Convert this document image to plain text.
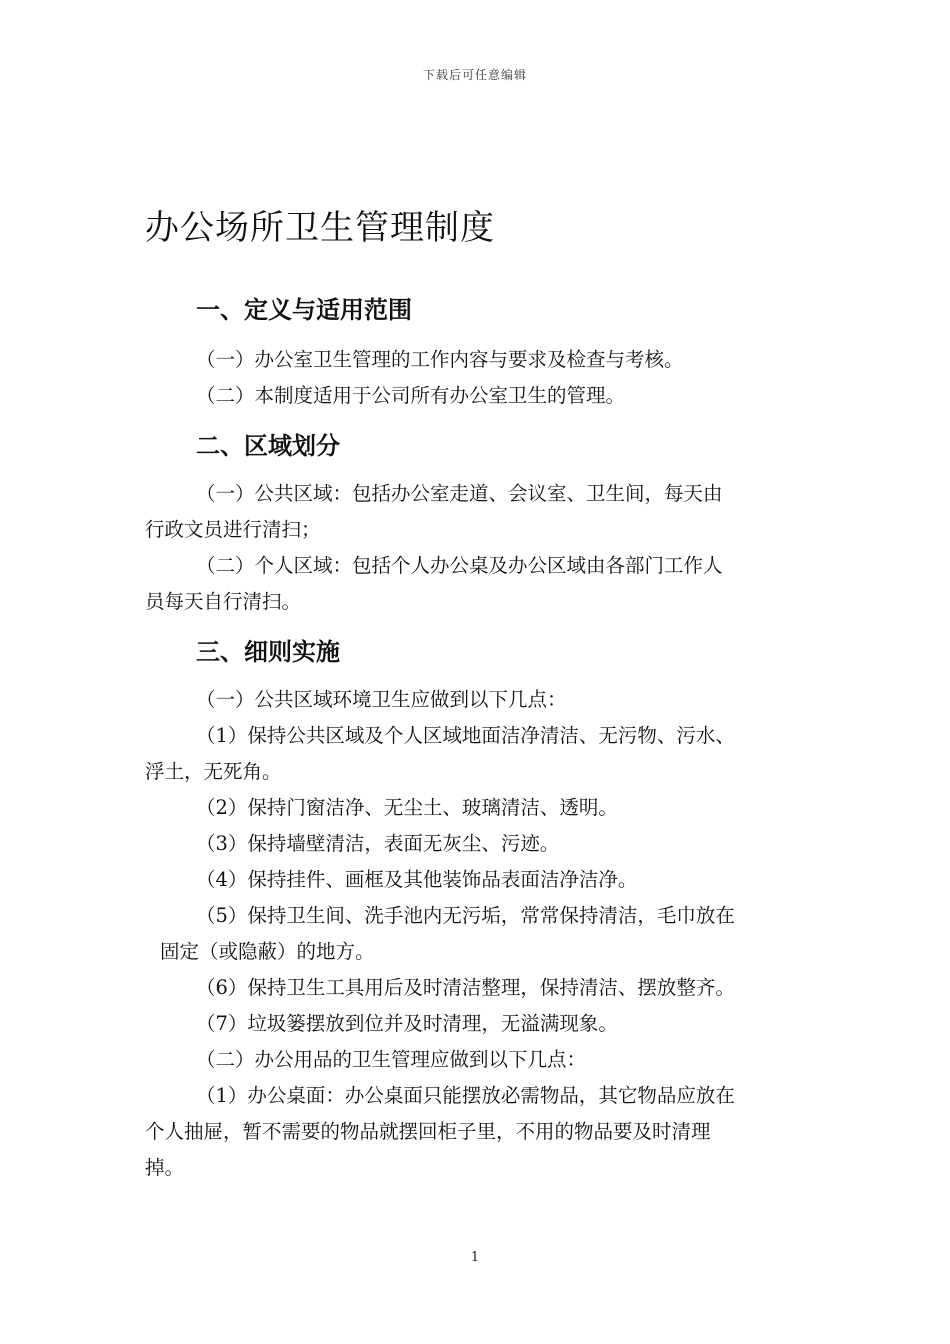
下载后可任意编辑
办公场所卫生管理制度
一、定义与适用范围

（一）办公室卫生管理的工作内容与要求及检查与考核。

（二）本制度适用于公司所有办公室卫生的管理。

二、区域划分

（一）公共区域：包括办公室走道、会议室、卫生间，每天由

行政文员进行清扫；

（二）个人区域：包括个人办公桌及办公区域由各部门工作人

员每天自行清扫。

三、细则实施

（一）公共区域环境卫生应做到以下几点：

（1）保持公共区域及个人区域地面洁净清洁、无污物、污水、

浮土，无死角。

（2）保持门窗洁净、无尘土、玻璃清洁、透明。

（3）保持墙壁清洁，表面无灰尘、污迹。

（4）保持挂件、画框及其他装饰品表面洁净洁净。

（5）保持卫生间、洗手池内无污垢，常常保持清洁，毛巾放在

固定（或隐蔽）的地方。

（6）保持卫生工具用后及时清洁整理，保持清洁、摆放整齐。

（7）垃圾篓摆放到位并及时清理，无溢满现象。

（二）办公用品的卫生管理应做到以下几点：

（1）办公桌面：办公桌面只能摆放必需物品，其它物品应放在

个人抽屉，暂不需要的物品就摆回柜子里，不用的物品要及时清理

掉。

1
